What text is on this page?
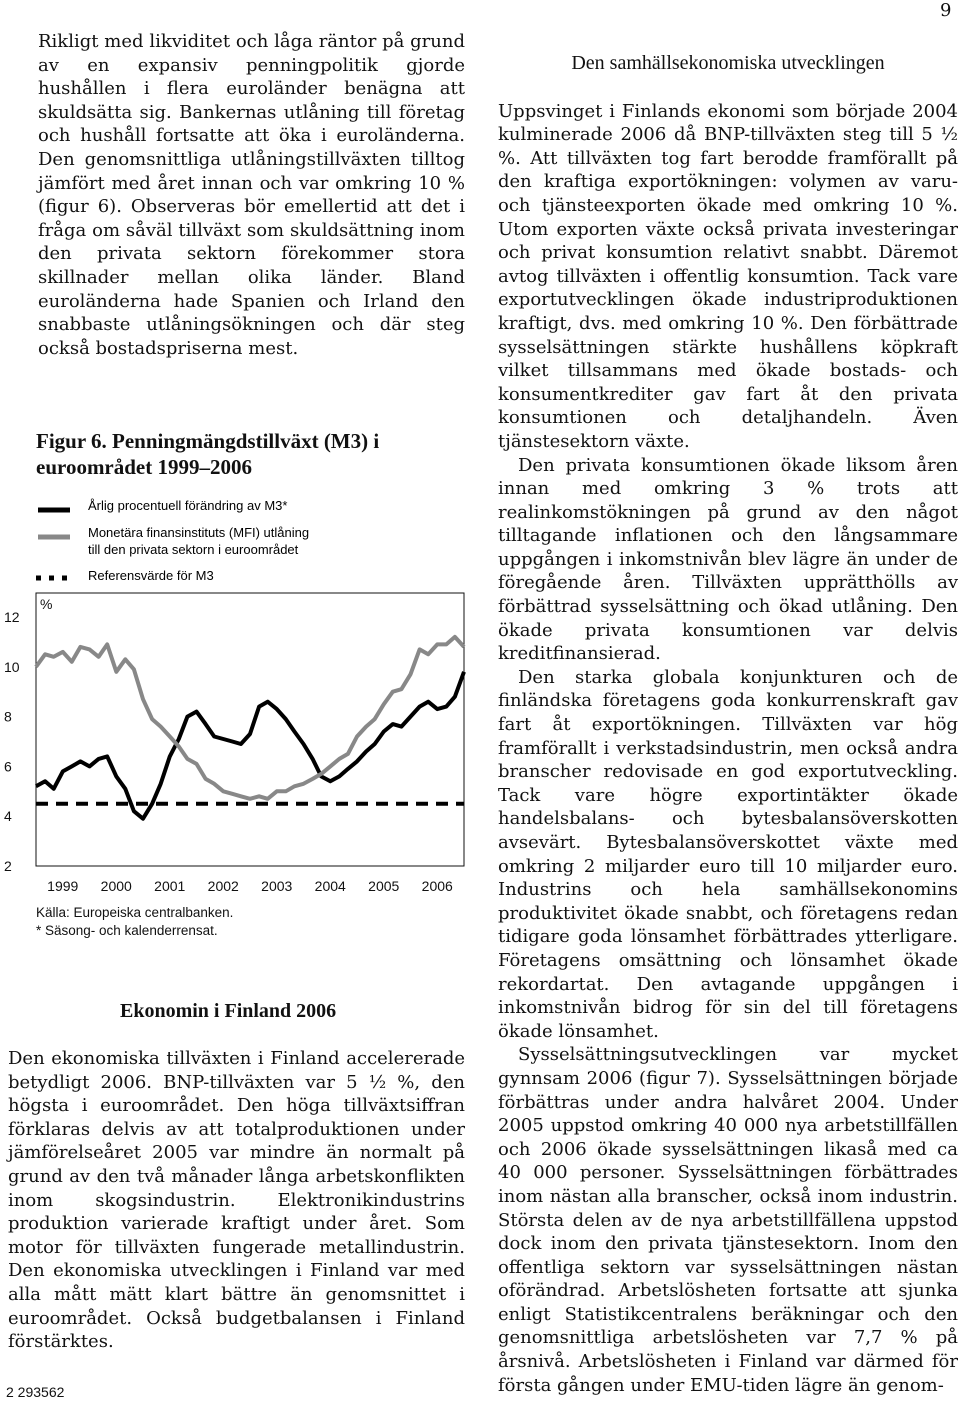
9

Rikligt med likviditet och låga räntor på grund av en expansiv penningpolitik gjorde hushållen i flera euroländer benägna att skuldsätta sig. Bankernas utlåning till företag och hushåll fortsatte att öka i euroländerna. Den genomsnittliga utlåningstillväxten tilltog jämfört med året innan och var omkring 10 % (figur 6). Observeras bör emellertid att det i fråga om såväl tillväxt som skuldsättning inom den privata sektorn förekommer stora skillnader mellan olika länder. Bland euroländerna hade Spanien och Irland den snabbaste utlåningsökningen och där steg också bostadspriserna mest.

Figur 6. Penningmängdstillväxt (M3) i euroområdet 1999–2006
Årlig procentuell förändring av M3*
Monetära finansinstituts (MFI) utlåning
till den privata sektorn i euroområdet
Referensvärde för M3
%
12
10
8
6
4
2
1999 2000 2001 2002 2003 2004 2005 2006
Källa: Europeiska centralbanken.
* Säsong- och kalenderrensat.
Ekonomin i Finland 2006

Den ekonomiska tillväxten i Finland accelererade betydligt 2006. BNP-tillväxten var 5 ½ %, den högsta i euroområdet. Den höga tillväxtsiffran förklaras delvis av att totalproduktionen under jämförelseåret 2005 var mindre än normalt på grund av den två månader långa arbetskonflikten inom skogsindustrin. Elektronikindustrins produktion varierade kraftigt under året. Som motor för tillväxten fungerade metallindustrin. Den ekonomiska utvecklingen i Finland var med alla mått mätt klart bättre än genomsnittet i euroområdet. Också budgetbalansen i Finland förstärktes.

Den samhällsekonomiska utvecklingen

Uppsvinget i Finlands ekonomi som började 2004 kulminerade 2006 då BNP-tillväxten steg till 5 ½ %. Att tillväxten tog fart berodde framförallt på den kraftiga exportökningen: volymen av varu- och tjänsteexporten ökade med omkring 10 %. Utom exporten växte också privata investeringar och privat konsumtion relativt snabbt. Däremot avtog tillväxten i offentlig konsumtion. Tack vare exportutvecklingen ökade industriproduktionen kraftigt, dvs. med omkring 10 %. Den förbättrade sysselsättningen stärkte hushållens köpkraft vilket tillsammans med ökade bostads- och konsumentkrediter gav fart åt den privata konsumtionen och detaljhandeln. Även tjänstesektorn växte.

Den privata konsumtionen ökade liksom åren innan med omkring 3 % trots att realinkomstökningen på grund av den något tilltagande inflationen och den långsammare uppgången i inkomstnivån blev lägre än under de föregående åren. Tillväxten upprätthölls av förbättrad sysselsättning och ökad utlåning. Den ökade privata konsumtionen var delvis kreditfinansierad.

Den starka globala konjunkturen och de finländska företagens goda konkurrenskraft gav fart åt exportökningen. Tillväxten var hög framförallt i verkstadsindustrin, men också andra branscher redovisade en god exportutveckling. Tack vare högre exportintäkter ökade handelsbalans- och bytesbalansöverskotten avsevärt. Bytesbalansöverskottet växte med omkring 2 miljarder euro till 10 miljarder euro. Industrins och hela samhällsekonomins produktivitet ökade snabbt, och företagens redan tidigare goda lönsamhet förbättrades ytterligare. Företagens omsättning och lönsamhet ökade rekordartat. Den avtagande uppgången i inkomstnivån bidrog för sin del till företagens ökade lönsamhet.

Sysselsättningsutvecklingen var mycket gynnsam 2006 (figur 7). Sysselsättningen började förbättras under andra halvåret 2004. Under 2005 uppstod omkring 40 000 nya arbetstillfällen och 2006 ökade sysselsättningen likaså med ca 40 000 personer. Sysselsättningen förbättrades inom nästan alla branscher, också inom industrin. Största delen av de nya arbetstillfällena uppstod dock inom den privata tjänstesektorn. Inom den offentliga sektorn var sysselsättningen nästan oförändrad. Arbetslösheten fortsatte att sjunka enligt Statistikcentralens beräkningar och den genomsnittliga arbetslösheten var 7,7 % på årsnivå. Arbetslösheten i Finland var därmed för första gången under EMU-tiden lägre än genom-

2 293562
